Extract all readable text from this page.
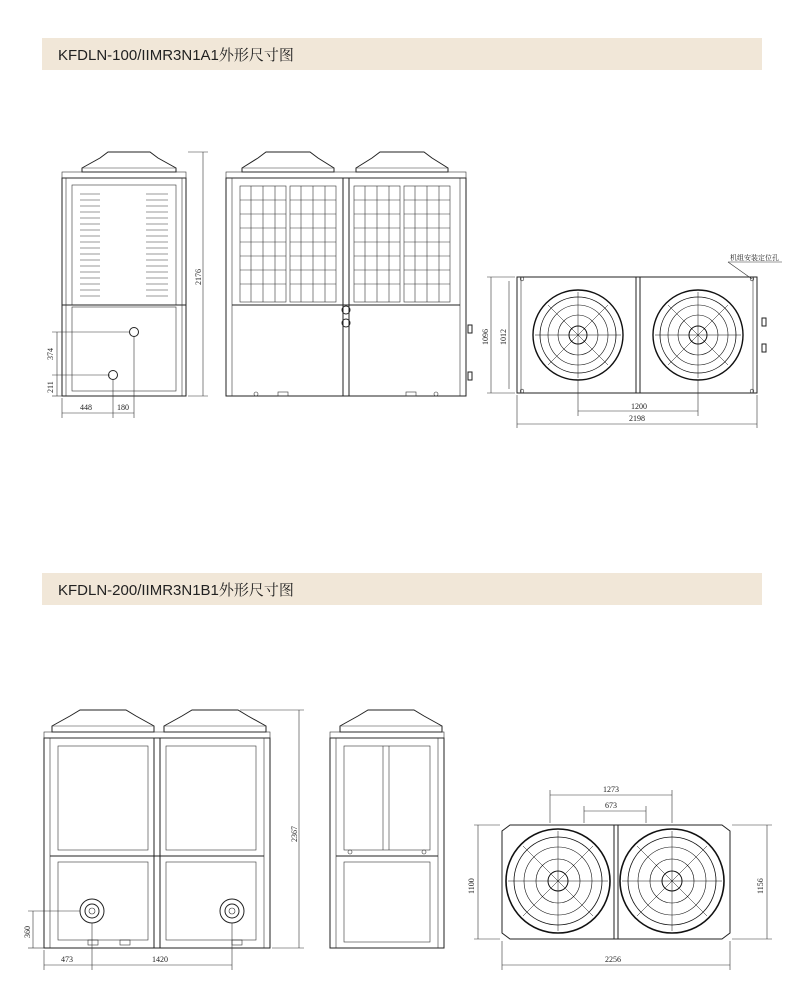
KFDLN-100/IIMR3N1A1外形尺寸图
KFDLN-200/IIMR3N1B1外形尺寸图
2176
374
211
448	180
1096 1012
1200
2198
机组安装定位孔
2367
360
473	1420
1273
673
1100	1156
2256
